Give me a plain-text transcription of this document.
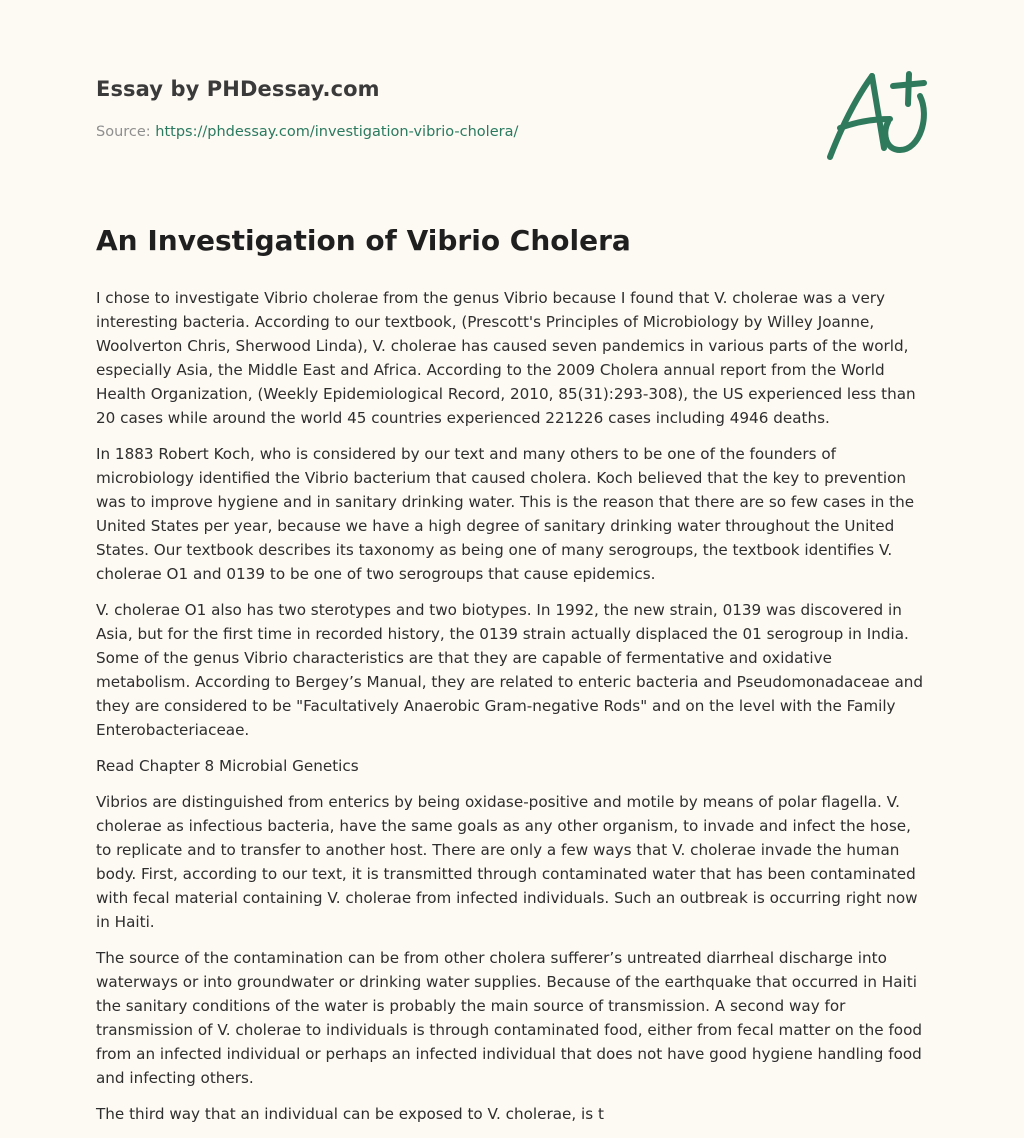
Essay by PHDessay.com
Source: https://phdessay.com/investigation-vibrio-cholera/
An Investigation of Vibrio Cholera

I chose to investigate Vibrio cholerae from the genus Vibrio because I found that V. cholerae was a very interesting bacteria. According to our textbook, (Prescott's Principles of Microbiology by Willey Joanne, Woolverton Chris, Sherwood Linda), V. cholerae has caused seven pandemics in various parts of the world, especially Asia, the Middle East and Africa. According to the 2009 Cholera annual report from the World Health Organization, (Weekly Epidemiological Record, 2010, 85(31):293-308), the US experienced less than 20 cases while around the world 45 countries experienced 221226 cases including 4946 deaths.

In 1883 Robert Koch, who is considered by our text and many others to be one of the founders of microbiology identified the Vibrio bacterium that caused cholera. Koch believed that the key to prevention was to improve hygiene and in sanitary drinking water. This is the reason that there are so few cases in the United States per year, because we have a high degree of sanitary drinking water throughout the United States. Our textbook describes its taxonomy as being one of many serogroups, the textbook identifies V. cholerae O1 and 0139 to be one of two serogroups that cause epidemics.

V. cholerae O1 also has two sterotypes and two biotypes. In 1992, the new strain, 0139 was discovered in Asia, but for the first time in recorded history, the 0139 strain actually displaced the 01 serogroup in India. Some of the genus Vibrio characteristics are that they are capable of fermentative and oxidative metabolism. According to Bergey’s Manual, they are related to enteric bacteria and Pseudomonadaceae and they are considered to be "Facultatively Anaerobic Gram-negative Rods" and on the level with the Family Enterobacteriaceae.

Read Chapter 8 Microbial Genetics

Vibrios are distinguished from enterics by being oxidase-positive and motile by means of polar flagella. V. cholerae as infectious bacteria, have the same goals as any other organism, to invade and infect the hose, to replicate and to transfer to another host. There are only a few ways that V. cholerae invade the human body. First, according to our text, it is transmitted through contaminated water that has been contaminated with fecal material containing V. cholerae from infected individuals. Such an outbreak is occurring right now in Haiti.

The source of the contamination can be from other cholera sufferer’s untreated diarrheal discharge into waterways or into groundwater or drinking water supplies. Because of the earthquake that occurred in Haiti the sanitary conditions of the water is probably the main source of transmission. A second way for transmission of V. cholerae to individuals is through contaminated food, either from fecal matter on the food from an infected individual or perhaps an infected individual that does not have good hygiene handling food and infecting others.

The third way that an individual can be exposed to V. cholerae, is t
